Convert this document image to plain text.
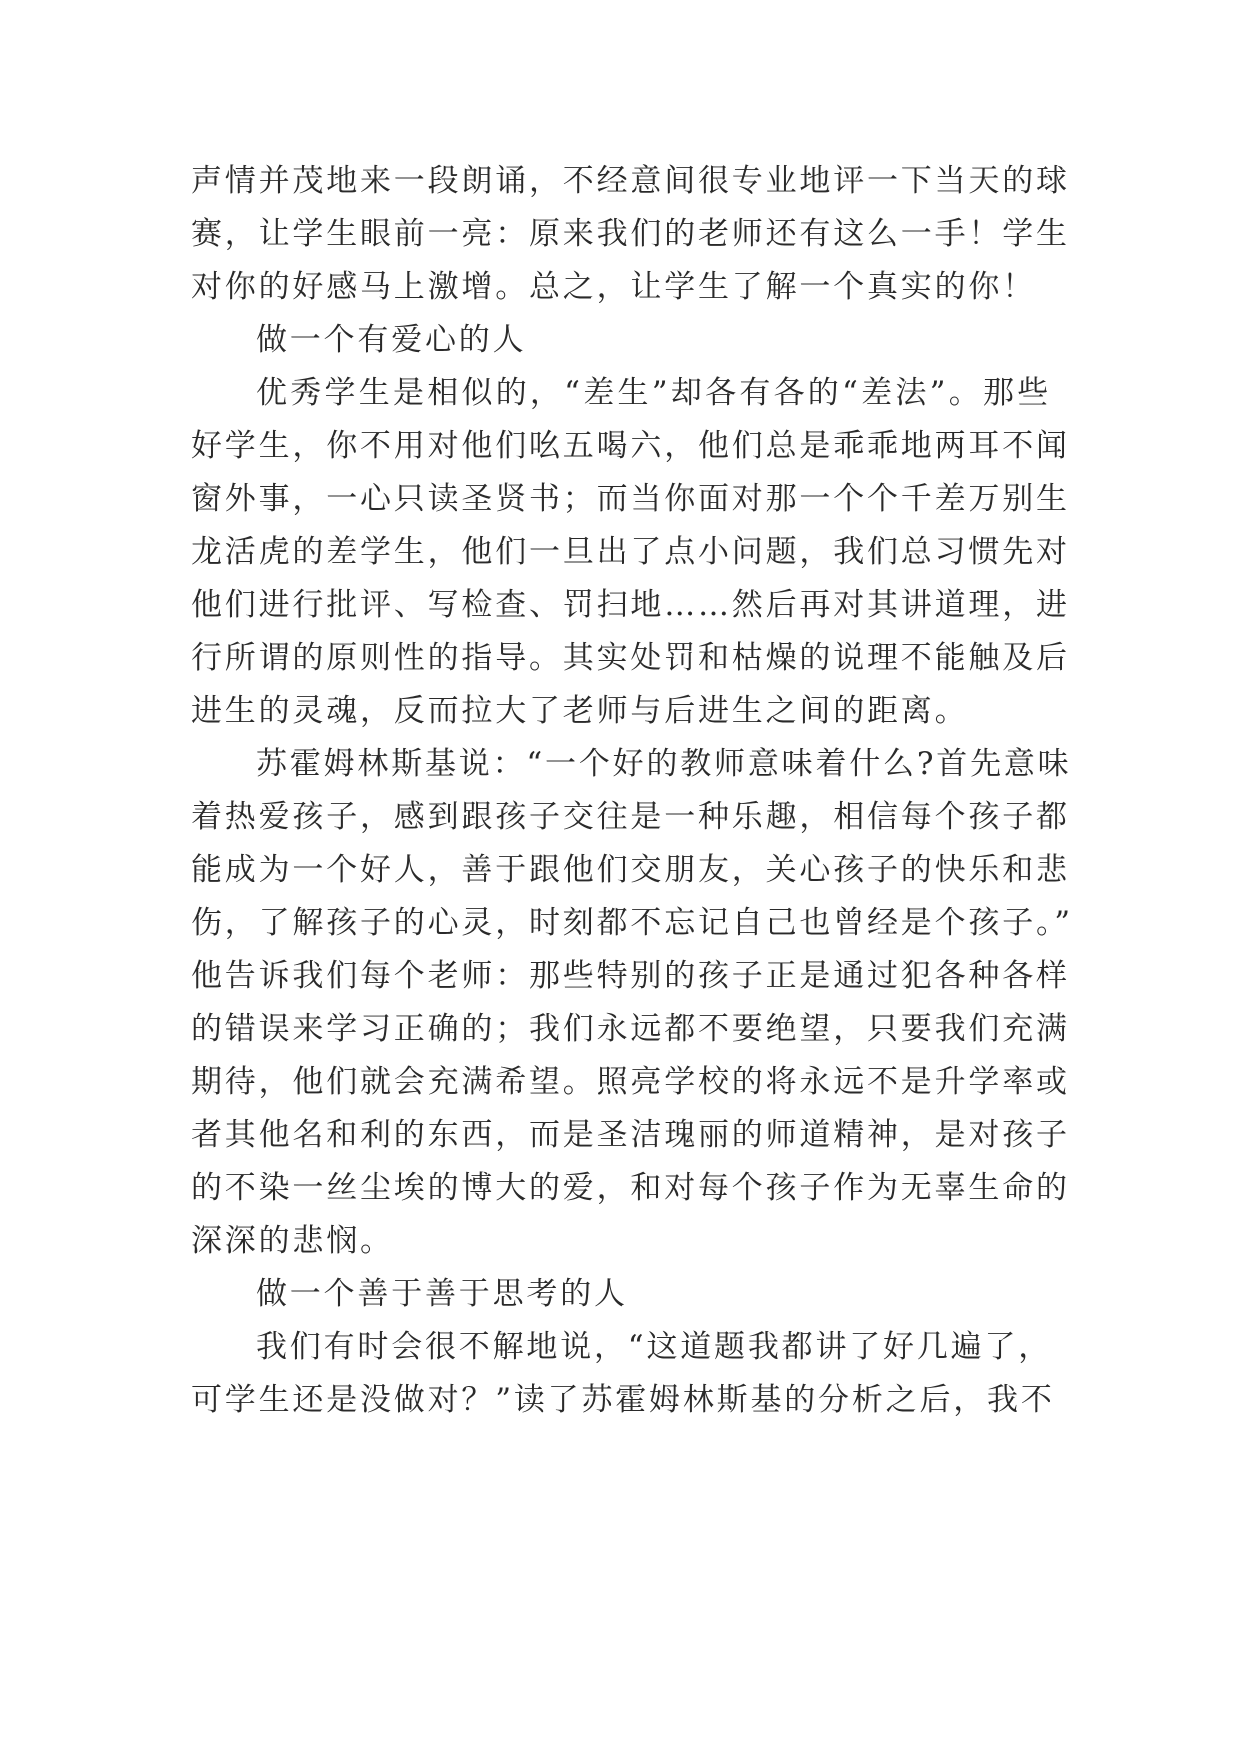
声情并茂地来一段朗诵，不经意间很专业地评一下当天的球
赛，让学生眼前一亮：原来我们的老师还有这么一手！学生
对你的好感马上激增。总之，让学生了解一个真实的你！
做一个有爱心的人
优秀学生是相似的，“差生”却各有各的“差法”。那些
好学生，你不用对他们吆五喝六，他们总是乖乖地两耳不闻
窗外事，一心只读圣贤书；而当你面对那一个个千差万别生
龙活虎的差学生，他们一旦出了点小问题，我们总习惯先对
他们进行批评、写检查、罚扫地……然后再对其讲道理，进
行所谓的原则性的指导。其实处罚和枯燥的说理不能触及后
进生的灵魂，反而拉大了老师与后进生之间的距离。
苏霍姆林斯基说：“一个好的教师意味着什么?首先意味
着热爱孩子，感到跟孩子交往是一种乐趣，相信每个孩子都
能成为一个好人，善于跟他们交朋友，关心孩子的快乐和悲
伤，了解孩子的心灵，时刻都不忘记自己也曾经是个孩子。”
他告诉我们每个老师：那些特别的孩子正是通过犯各种各样
的错误来学习正确的；我们永远都不要绝望，只要我们充满
期待，他们就会充满希望。照亮学校的将永远不是升学率或
者其他名和利的东西，而是圣洁瑰丽的师道精神，是对孩子
的不染一丝尘埃的博大的爱，和对每个孩子作为无辜生命的
深深的悲悯。
做一个善于善于思考的人
我们有时会很不解地说，“这道题我都讲了好几遍了，
可学生还是没做对？”读了苏霍姆林斯基的分析之后，我不
